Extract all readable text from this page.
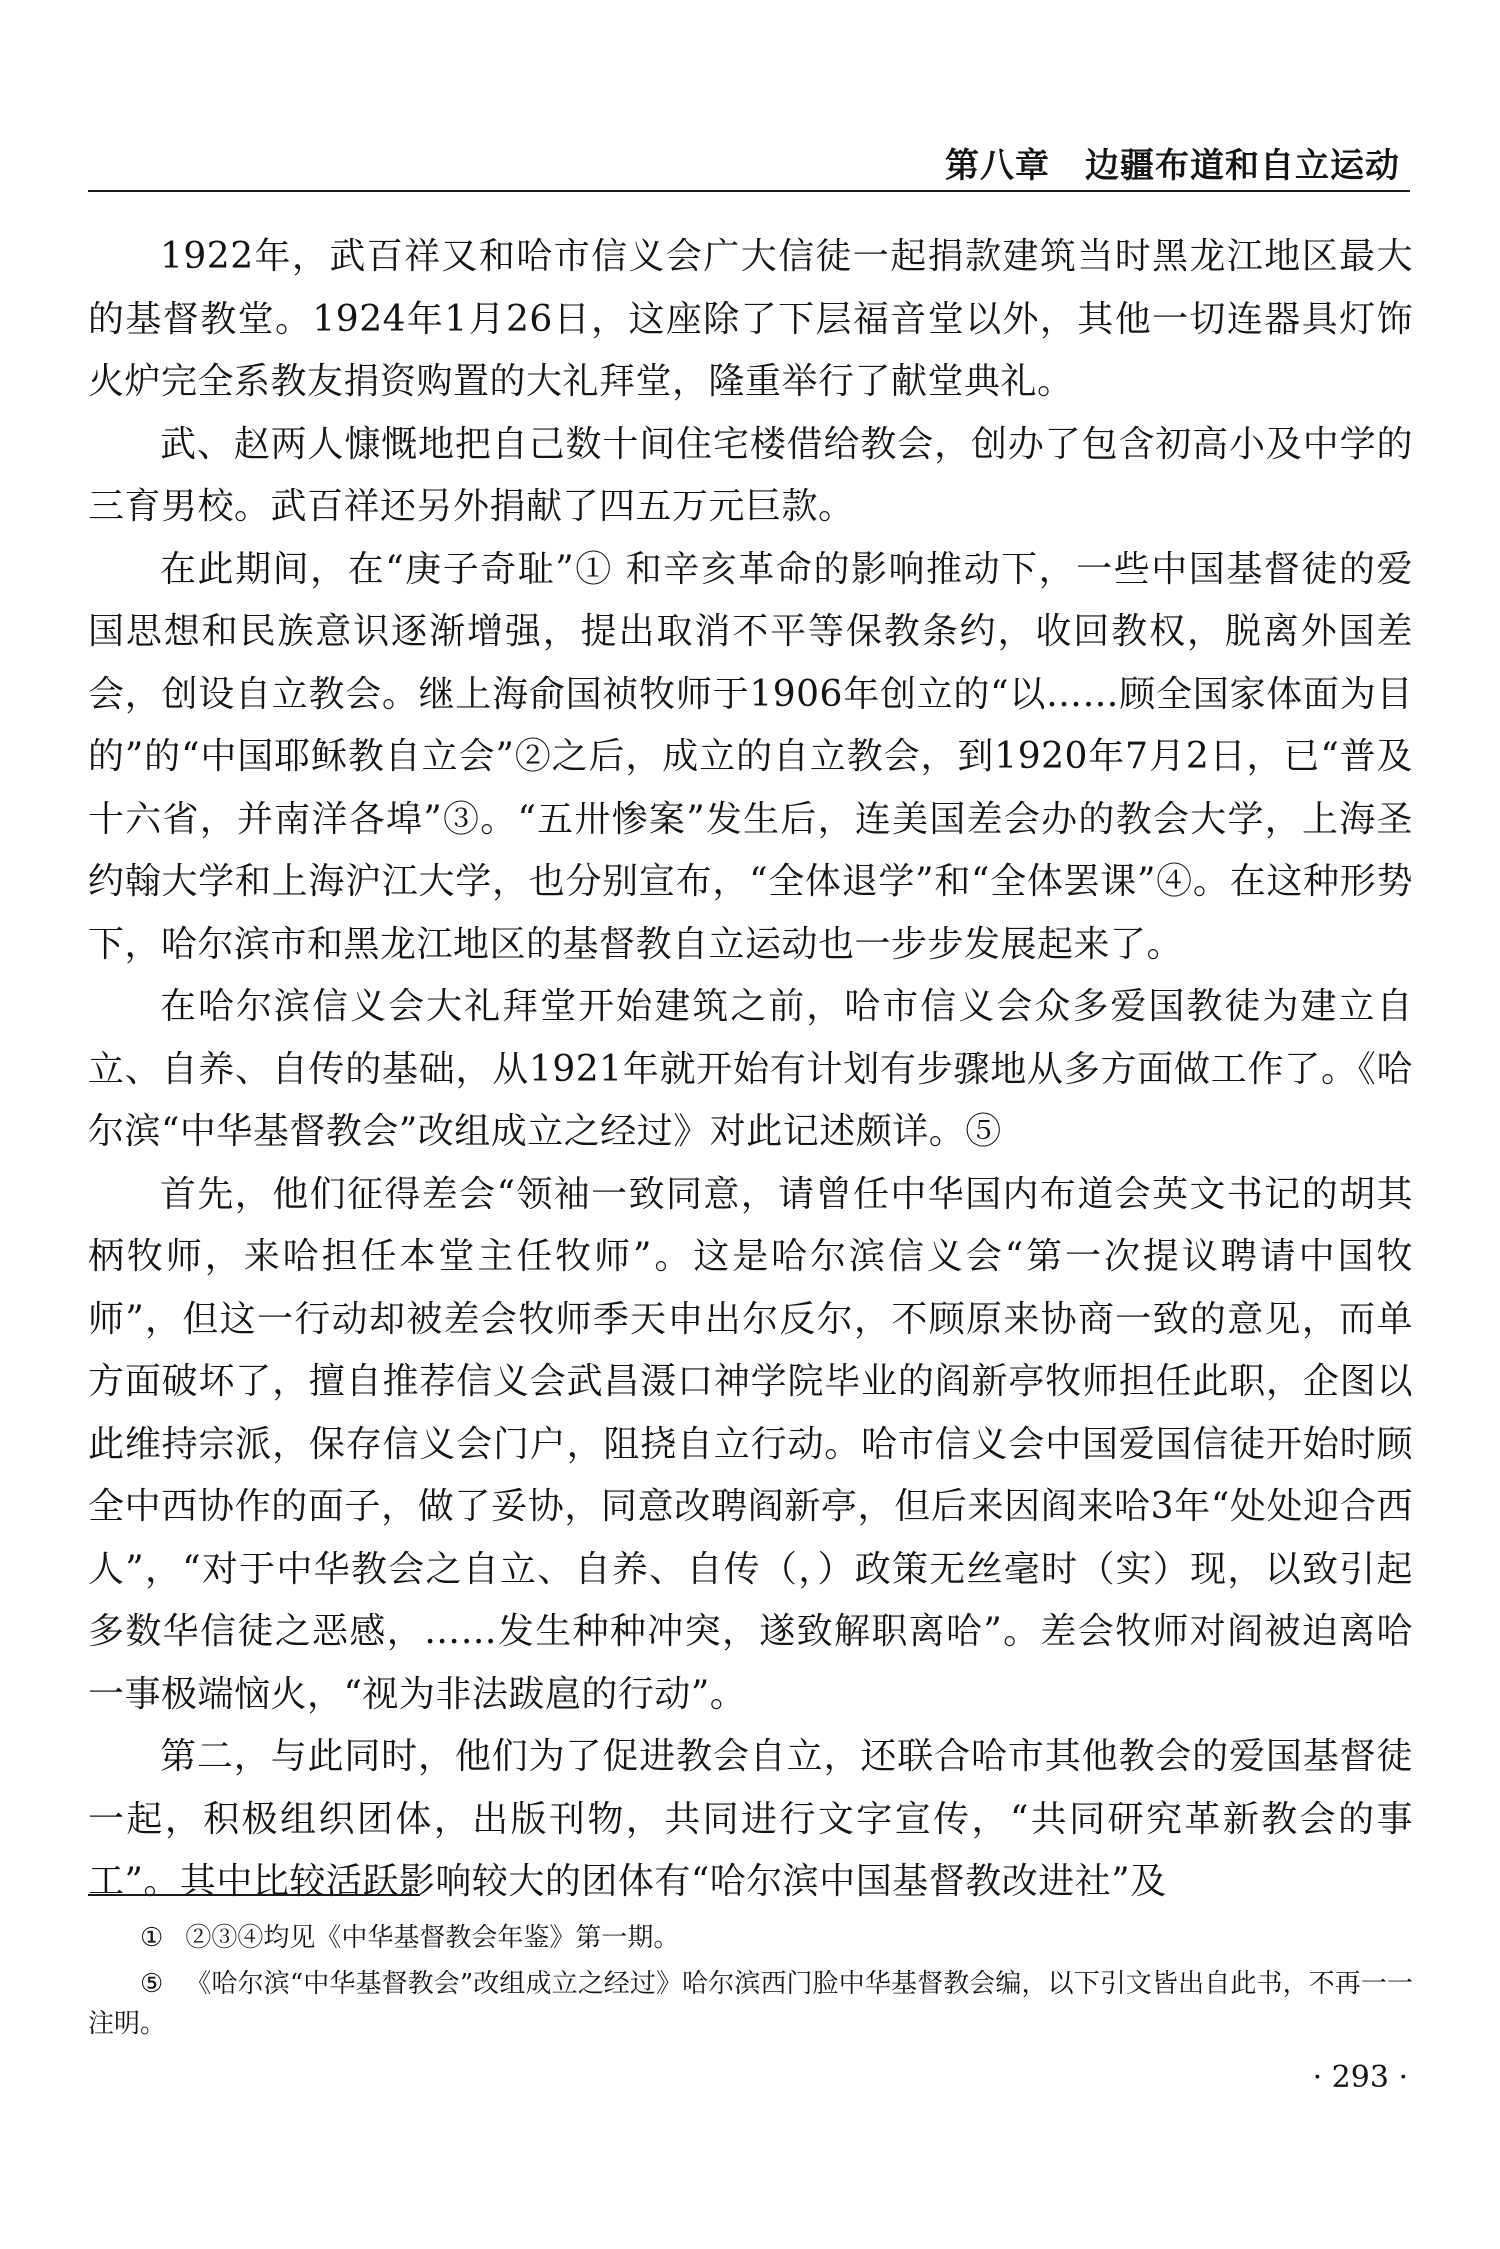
第八章　 边疆布道和自立运动

1922年，武百祥又和哈市信义会广大信徒一起捐款建筑当时黑龙江地区最大的基督教堂。1924年1月26日，这座除了下层福音堂以外，其他一切连器具灯饰火炉完全系教友捐资购置的大礼拜堂，隆重举行了献堂典礼。

武、赵两人慷慨地把自己数十间住宅楼借给教会，创办了包含初高小及中学的三育男校。武百祥还另外捐献了四五万元巨款。

在此期间，在“庚子奇耻”① 和辛亥革命的影响推动下，一些中国基督徒的爱国思想和民族意识逐渐增强，提出取消不平等保教条约，收回教权，脱离外国差会，创设自立教会。继上海俞国祯牧师于1906年创立的“以……顾全国家体面为目的”的“中国耶稣教自立会”②之后，成立的自立教会，到1920年7月2日，已“普及十六省，并南洋各埠”③。“五卅惨案”发生后，连美国差会办的教会大学，上海圣约翰大学和上海沪江大学，也分别宣布，“全体退学”和“全体罢课”④。在这种形势下，哈尔滨市和黑龙江地区的基督教自立运动也一步步发展起来了。

在哈尔滨信义会大礼拜堂开始建筑之前，哈市信义会众多爱国教徒为建立自立、自养、自传的基础，从1921年就开始有计划有步骤地从多方面做工作了。《哈尔滨“中华基督教会”改组成立之经过》对此记述颇详。⑤

首先，他们征得差会“领袖一致同意，请曾任中华国内布道会英文书记的胡其柄牧师，来哈担任本堂主任牧师”。这是哈尔滨信义会“第一次提议聘请中国牧师”，但这一行动却被差会牧师季天申出尔反尔，不顾原来协商一致的意见，而单方面破坏了，擅自推荐信义会武昌滠口神学院毕业的阎新亭牧师担任此职，企图以此维持宗派，保存信义会门户，阻挠自立行动。哈市信义会中国爱国信徒开始时顾全中西协作的面子，做了妥协，同意改聘阎新亭，但后来因阎来哈3年“处处迎合西人”，“对于中华教会之自立、自养、自传（，）政策无丝毫时（实）现，以致引起多数华信徒之恶感，……发生种种冲突，遂致解职离哈”。差会牧师对阎被迫离哈一事极端恼火，“视为非法跋扈的行动”。

第二，与此同时，他们为了促进教会自立，还联合哈市其他教会的爱国基督徒一起，积极组织团体，出版刊物，共同进行文字宣传，“共同研究革新教会的事工”。其中比较活跃影响较大的团体有“哈尔滨中国基督教改进社”及

① ②③④均见《中华基督教会年鉴》第一期。

⑤ 《哈尔滨“中华基督教会”改组成立之经过》哈尔滨西门脸中华基督教会编，以下引文皆出自此书，不再一一注明。

· 293 ·
